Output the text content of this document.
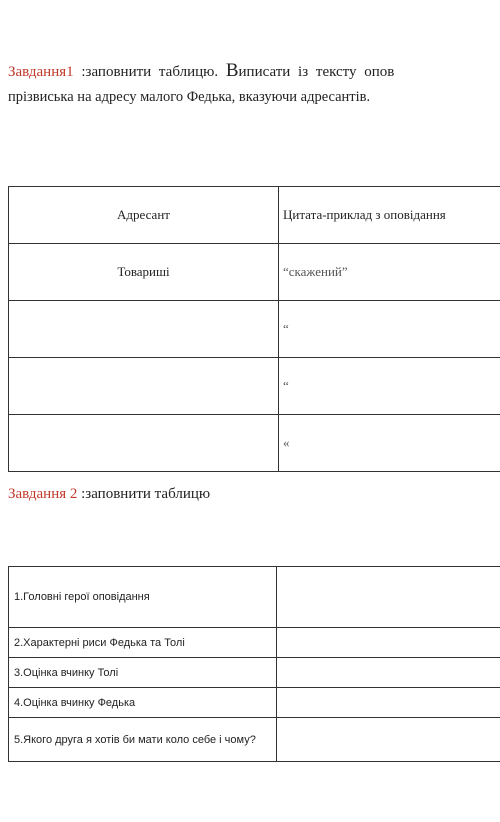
Завдання1 :заповнити таблицю. Виписати із тексту опов
прізвиська на адресу малого Федька, вказуючи адресантів.
Адресант	Цитата-приклад з оповідання
Товариші	“скажений”
	“
	“
	«
Завдання 2 :заповнити таблицю
1.Головні герої оповідання	
2.Характерні риси Федька та Толі	
3.Оцінка вчинку Толі	
4.Оцінка вчинку Федька	
5.Якого друга я хотів би мати коло себе і чому?	
